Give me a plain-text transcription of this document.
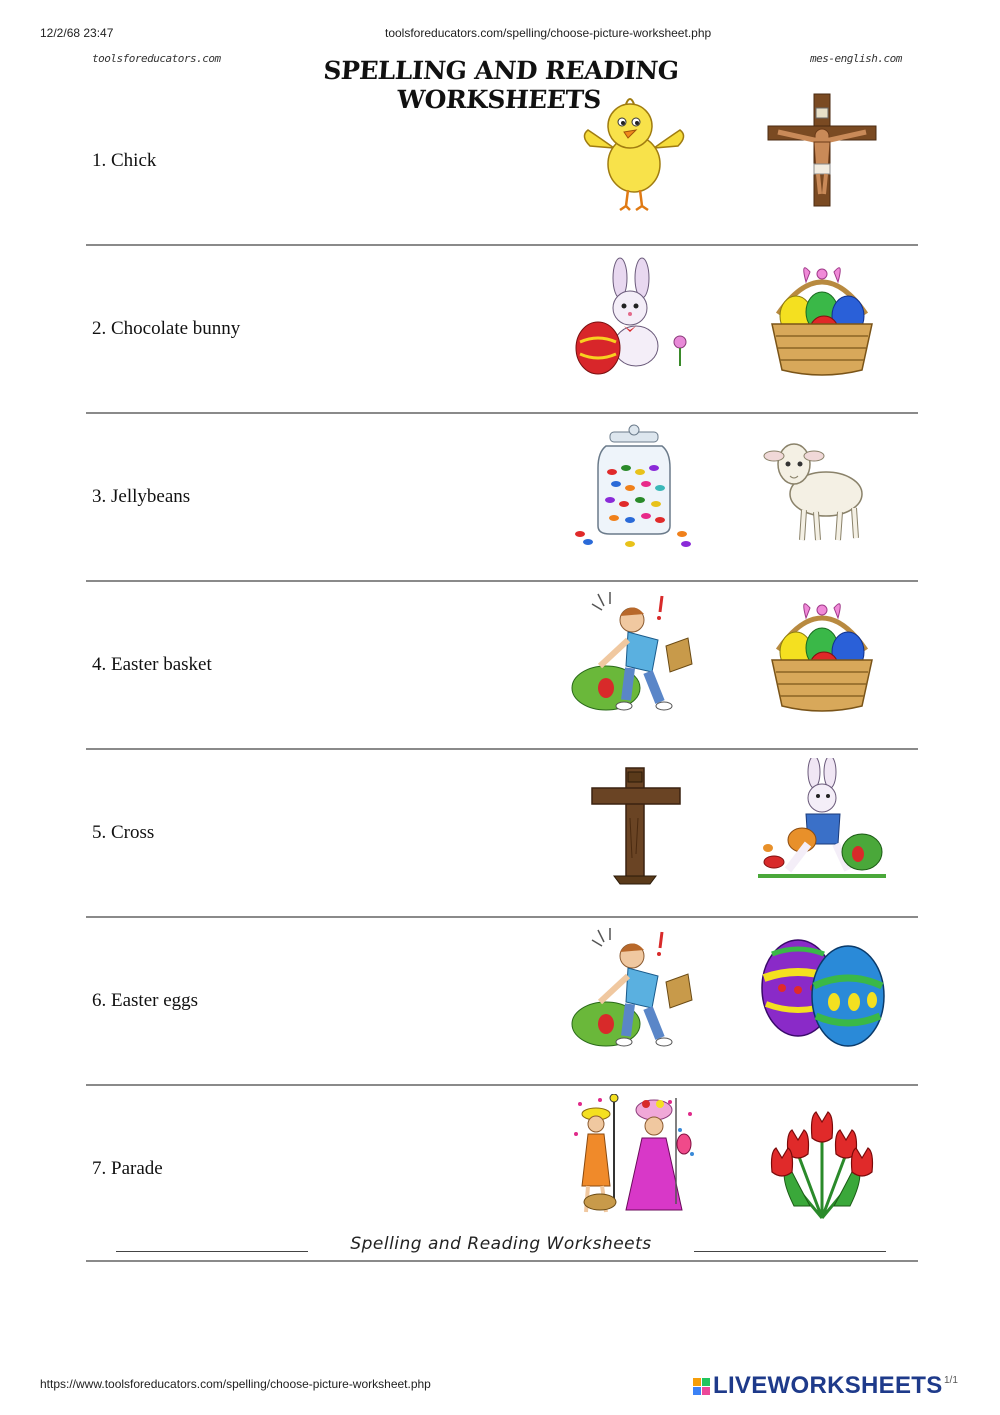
12/2/68 23:47	toolsforeducators.com/spelling/choose-picture-worksheet.php
toolsforeducators.com	mes-english.com
SPELLING AND READING WORKSHEETS
1. Chick
2. Chocolate bunny
3. Jellybeans
4. Easter basket
5. Cross
6. Easter eggs
7. Parade
Spelling and Reading Worksheets
https://www.toolsforeducators.com/spelling/choose-picture-worksheet.php	LIVEWORKSHEETS 1/1
